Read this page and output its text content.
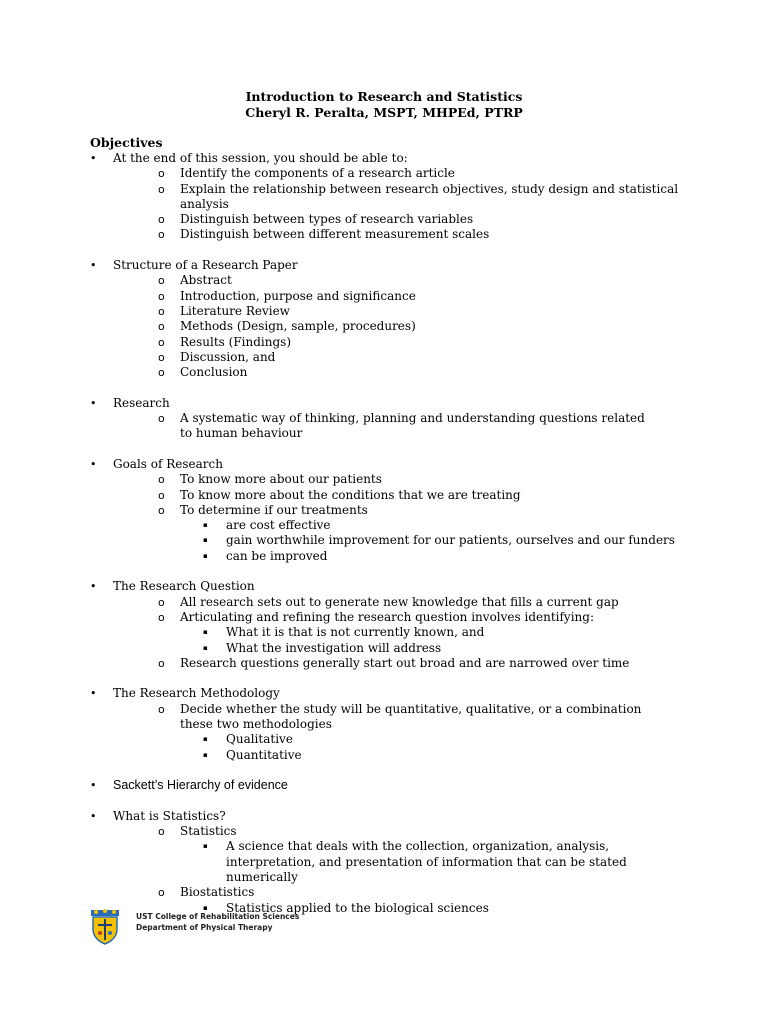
Introduction to Research and Statistics
Cheryl R. Peralta, MSPT, MHPEd, PTRP
Objectives
• At the end of this session, you should be able to:
o Identify the components of a research article
o Explain the relationship between research objectives, study design and statistical analysis
o Distinguish between types of research variables
o Distinguish between different measurement scales
• Structure of a Research Paper
o Abstract
o Introduction, purpose and significance
o Literature Review
o Methods (Design, sample, procedures)
o Results (Findings)
o Discussion, and
o Conclusion
• Research
o A systematic way of thinking, planning and understanding questions related to human behaviour
• Goals of Research
o To know more about our patients
o To know more about the conditions that we are treating
o To determine if our treatments
▪ are cost effective
▪ gain worthwhile improvement for our patients, ourselves and our funders
▪ can be improved
• The Research Question
o All research sets out to generate new knowledge that fills a current gap
o Articulating and refining the research question involves identifying:
▪ What it is that is not currently known, and
▪ What the investigation will address
o Research questions generally start out broad and are narrowed over time
• The Research Methodology
o Decide whether the study will be quantitative, qualitative, or a combination these two methodologies
▪ Qualitative
▪ Quantitative
• Sackett’s Hierarchy of evidence
• What is Statistics?
o Statistics
▪ A science that deals with the collection, organization, analysis, interpretation, and presentation of information that can be stated numerically
o Biostatistics
▪ Statistics applied to the biological sciences
UST College of Rehabilitation Sciences
Department of Physical Therapy
